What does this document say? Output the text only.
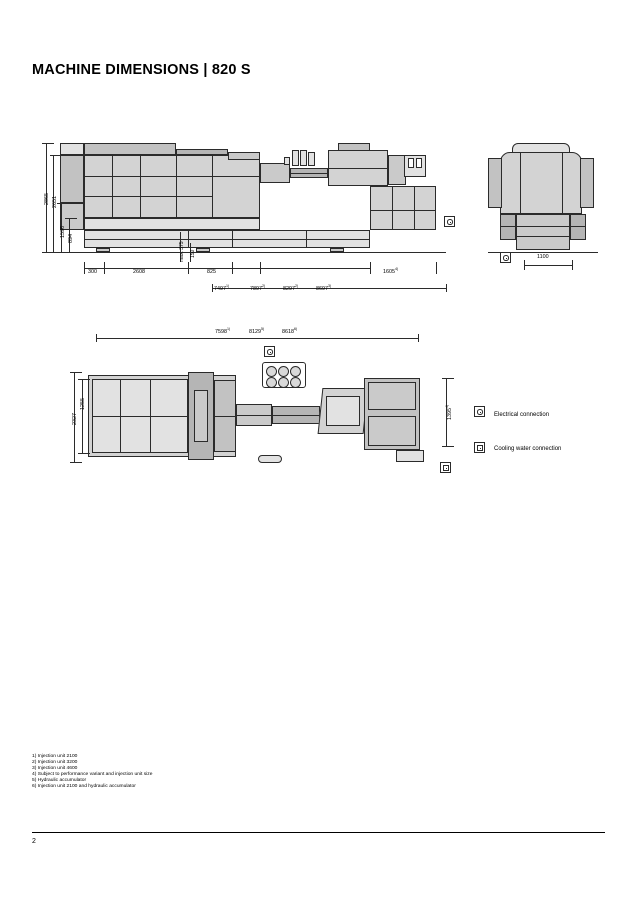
MACHINE DIMENSIONS | 820 S
2865 2651
1596
894
300	2608	825	1605$^{4)}$
max. 375 150
7497$^{1)}$	7897$^{2)}$	8297$^{2)}$	8697$^{3)}$
1100
7598$^{1)}$	8129$^{5)}$	8618$^{6)}$
2327
1255
1395$^{4)}$
Electrical connection
Cooling water connection
1) Injection unit 2100
2) Injection unit 3200
3) Injection unit 4600
4) Subject to performance variant and injection unit size
5) Hydraulic accumulator
6) Injection unit 2100 and hydraulic accumulator
2
